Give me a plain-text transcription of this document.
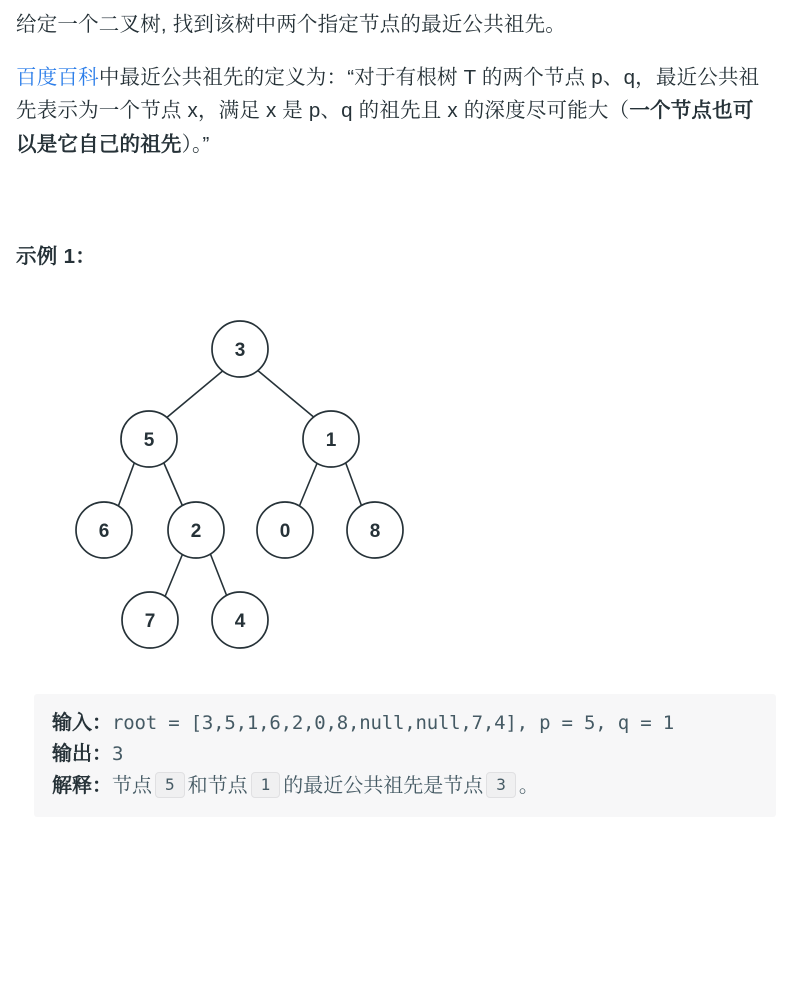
给定一个二叉树, 找到该树中两个指定节点的最近公共祖先。

百度百科中最近公共祖先的定义为：“对于有根树 T 的两个节点 p、q，最近公共祖先表示为一个节点 x，满足 x 是 p、q 的祖先且 x 的深度尽可能大（一个节点也可以是它自己的祖先）。”

示例 1：
3
5	1
6	2	0	8
7	4
输入：root = [3,5,1,6,2,0,8,null,null,7,4], p = 5, q = 1
输出：3
解释：节点 5 和节点 1 的最近公共祖先是节点 3 。
